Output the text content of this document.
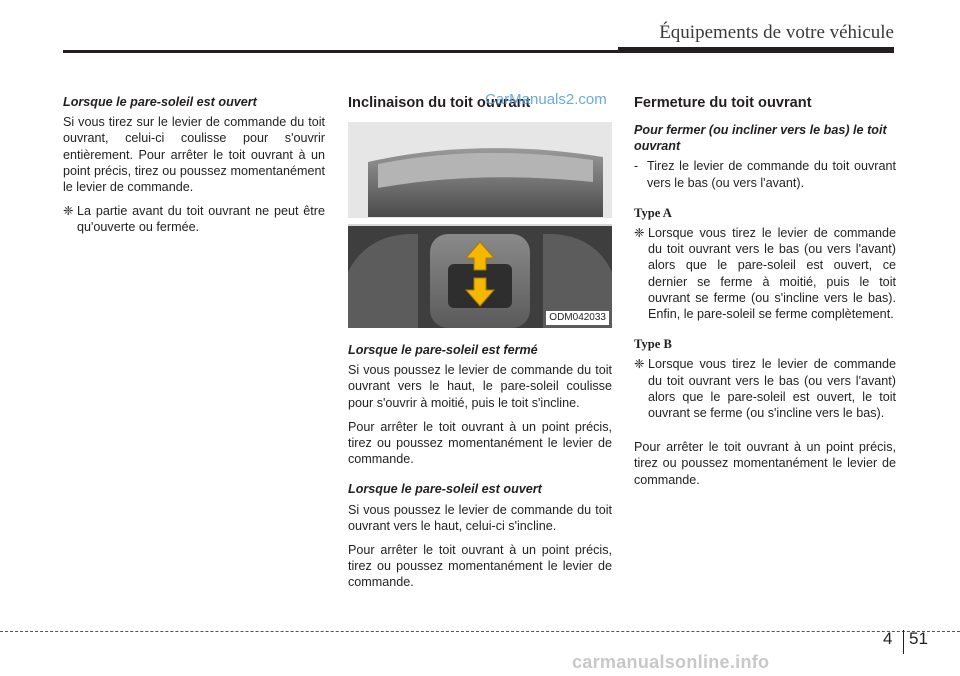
Équipements de votre véhicule
Lorsque le pare-soleil est ouvert

Si vous tirez sur le levier de commande du toit ouvrant, celui-ci coulisse pour s'ouvrir entièrement. Pour arrêter le toit ouvrant à un point précis, tirez ou poussez momentanément le levier de commande.

❈ La partie avant du toit ouvrant ne peut être qu'ouverte ou fermée.
Inclinaison du toit ouvrant
ODM042033
Lorsque le pare-soleil est fermé

Si vous poussez le levier de commande du toit ouvrant vers le haut, le pare-soleil coulisse pour s'ouvrir à moitié, puis le toit s'incline.

Pour arrêter le toit ouvrant à un point précis, tirez ou poussez momentanément le levier de commande.

Lorsque le pare-soleil est ouvert

Si vous poussez le levier de commande du toit ouvrant vers le haut, celui-ci s'incline.

Pour arrêter le toit ouvrant à un point précis, tirez ou poussez momentanément le levier de commande.

CarManuals2.com Fermeture du toit ouvrant
Pour fermer (ou incliner vers le bas) le toit ouvrant
- Tirez le levier de commande du toit ouvrant vers le bas (ou vers l'avant).
Type A
❈ Lorsque vous tirez le levier de commande du toit ouvrant vers le bas (ou vers l'avant) alors que le pare-soleil est ouvert, ce dernier se ferme à moitié, puis le toit ouvrant se ferme (ou s'incline vers le bas). Enfin, le pare-soleil se ferme complètement.
Type B
❈ Lorsque vous tirez le levier de commande du toit ouvrant vers le bas (ou vers l'avant) alors que le pare-soleil est ouvert, le toit ouvrant se ferme (ou s'incline vers le bas).

Pour arrêter le toit ouvrant à un point précis, tirez ou poussez momentanément le levier de commande.

4 51
carmanualsonline.info
